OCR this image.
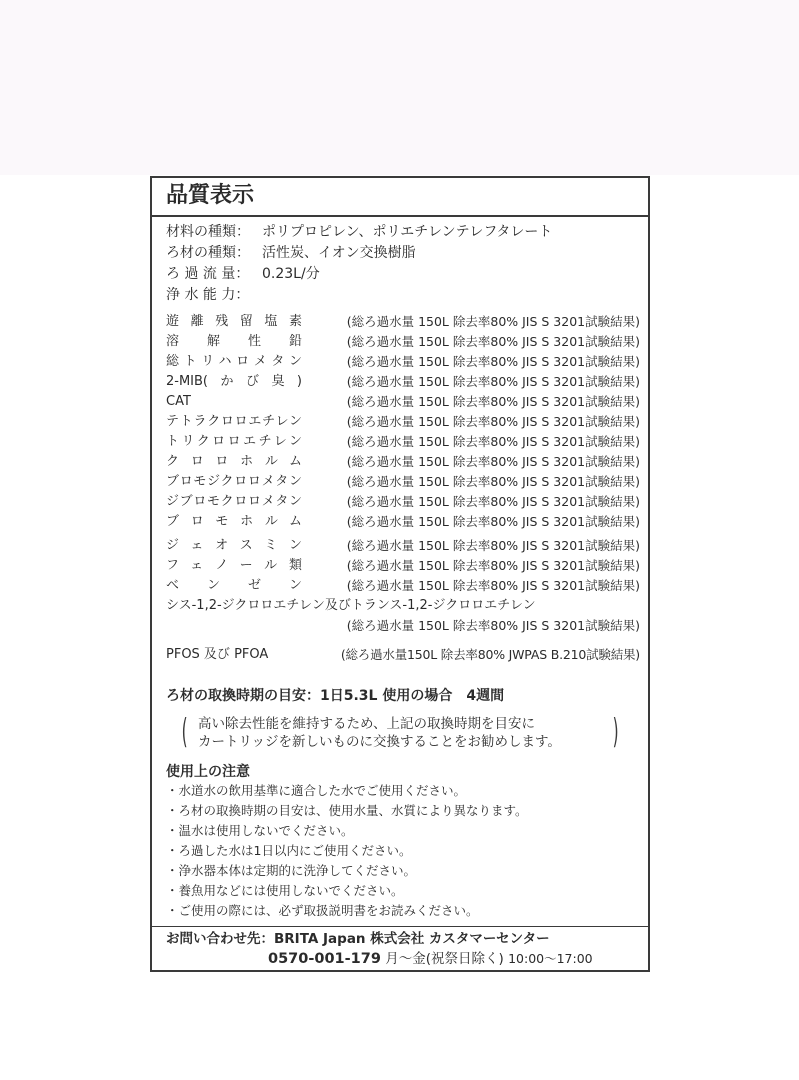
品質表示
材料の種類： ポリプロピレン、ポリエチレンテレフタレート
ろ材の種類： 活性炭、イオン交換樹脂
ろ 過 流 量： 0.23L/分
浄 水 能 力：
遊離残留塩素	(総ろ過水量 150L 除去率80% JIS S 3201試験結果)
溶解性鉛	(総ろ過水量 150L 除去率80% JIS S 3201試験結果)
総トリハロメタン	(総ろ過水量 150L 除去率80% JIS S 3201試験結果)
2-MIB(かび臭)	(総ろ過水量 150L 除去率80% JIS S 3201試験結果)
CAT	(総ろ過水量 150L 除去率80% JIS S 3201試験結果)
テトラクロロエチレン	(総ろ過水量 150L 除去率80% JIS S 3201試験結果)
トリクロロエチレン	(総ろ過水量 150L 除去率80% JIS S 3201試験結果)
クロロホルム	(総ろ過水量 150L 除去率80% JIS S 3201試験結果)
ブロモジクロロメタン	(総ろ過水量 150L 除去率80% JIS S 3201試験結果)
ジブロモクロロメタン	(総ろ過水量 150L 除去率80% JIS S 3201試験結果)
ブロモホルム	(総ろ過水量 150L 除去率80% JIS S 3201試験結果)
ジェオスミン	(総ろ過水量 150L 除去率80% JIS S 3201試験結果)
フェノール類	(総ろ過水量 150L 除去率80% JIS S 3201試験結果)
ベンゼン	(総ろ過水量 150L 除去率80% JIS S 3201試験結果)
シス-1,2-ジクロロエチレン及びトランス-1,2-ジクロロエチレン
(総ろ過水量 150L 除去率80% JIS S 3201試験結果)
PFOS 及び PFOA	(総ろ過水量150L 除去率80% JWPAS B.210試験結果)
ろ材の取換時期の目安：1日5.3L 使用の場合　4週間
( 高い除去性能を維持するため、上記の取換時期を目安に
カートリッジを新しいものに交換することをお勧めします。 )
使用上の注意
・ 水道水の飲用基準に適合した水でご使用ください。
・ ろ材の取換時期の目安は、使用水量、水質により異なります。
・ 温水は使用しないでください。
・ ろ過した水は1日以内にご使用ください。
・ 浄水器本体は定期的に洗浄してください。
・ 養魚用などには使用しないでください。
・ ご使用の際には、必ず取扱説明書をお読みください。
お問い合わせ先：BRITA Japan 株式会社 カスタマーセンター
0570-001-179 月〜金(祝祭日除く) 10:00〜17:00
